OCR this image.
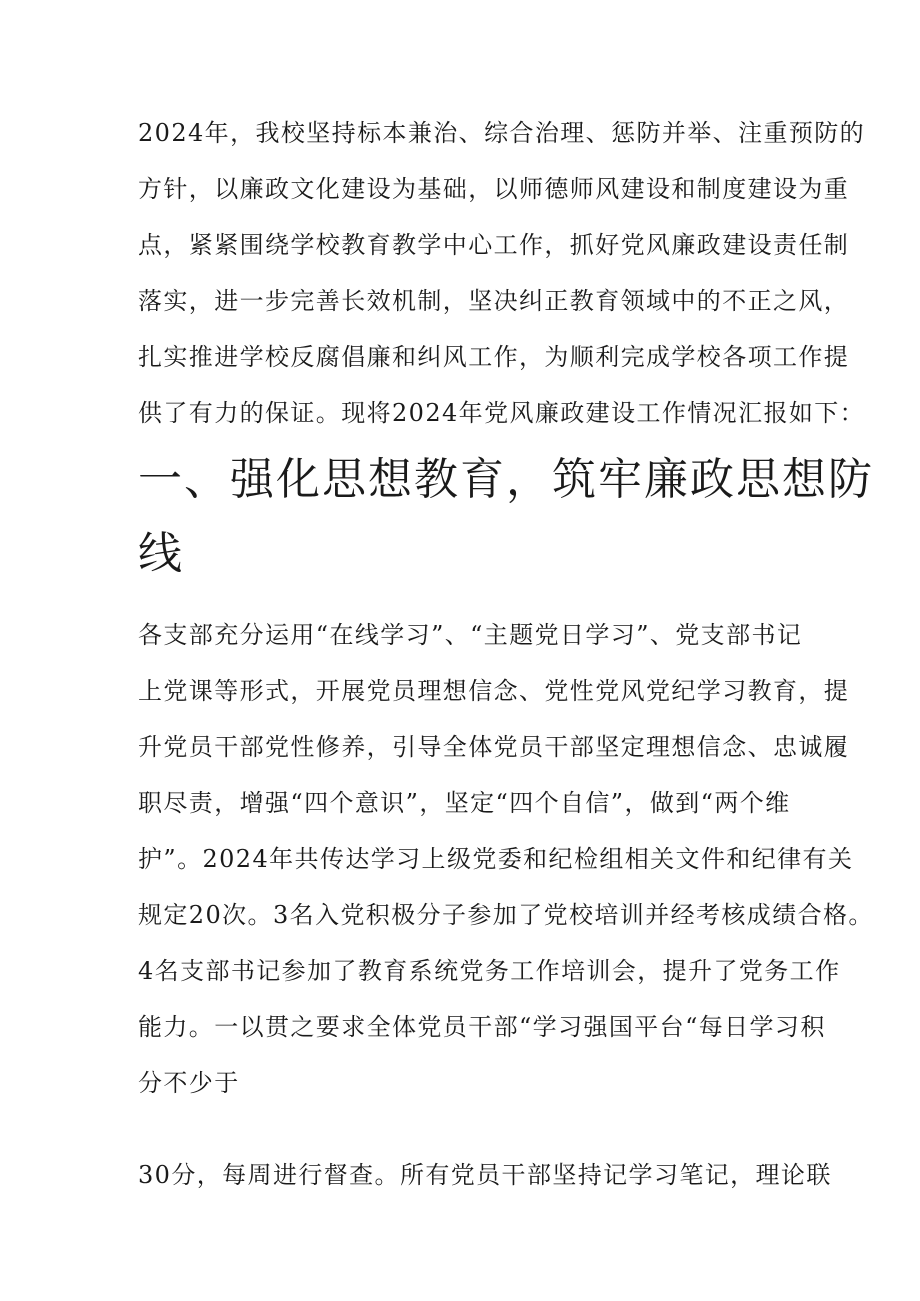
2024年，我校坚持标本兼治、综合治理、惩防并举、注重预防的
方针，以廉政文化建设为基础，以师德师风建设和制度建设为重
点，紧紧围绕学校教育教学中心工作，抓好党风廉政建设责任制
落实，进一步完善长效机制，坚决纠正教育领域中的不正之风，
扎实推进学校反腐倡廉和纠风工作，为顺利完成学校各项工作提
供了有力的保证。现将2024年党风廉政建设工作情况汇报如下：
一、强化思想教育，筑牢廉政思想防
线
各支部充分运用“在线学习”、“主题党日学习”、党支部书记
上党课等形式，开展党员理想信念、党性党风党纪学习教育，提
升党员干部党性修养，引导全体党员干部坚定理想信念、忠诚履
职尽责，增强“四个意识”，坚定“四个自信”，做到“两个维
护”。2024年共传达学习上级党委和纪检组相关文件和纪律有关
规定20次。3名入党积极分子参加了党校培训并经考核成绩合格。
4名支部书记参加了教育系统党务工作培训会，提升了党务工作
能力。一以贯之要求全体党员干部“学习强国平台“每日学习积
分不少于
30分，每周进行督查。所有党员干部坚持记学习笔记，理论联
